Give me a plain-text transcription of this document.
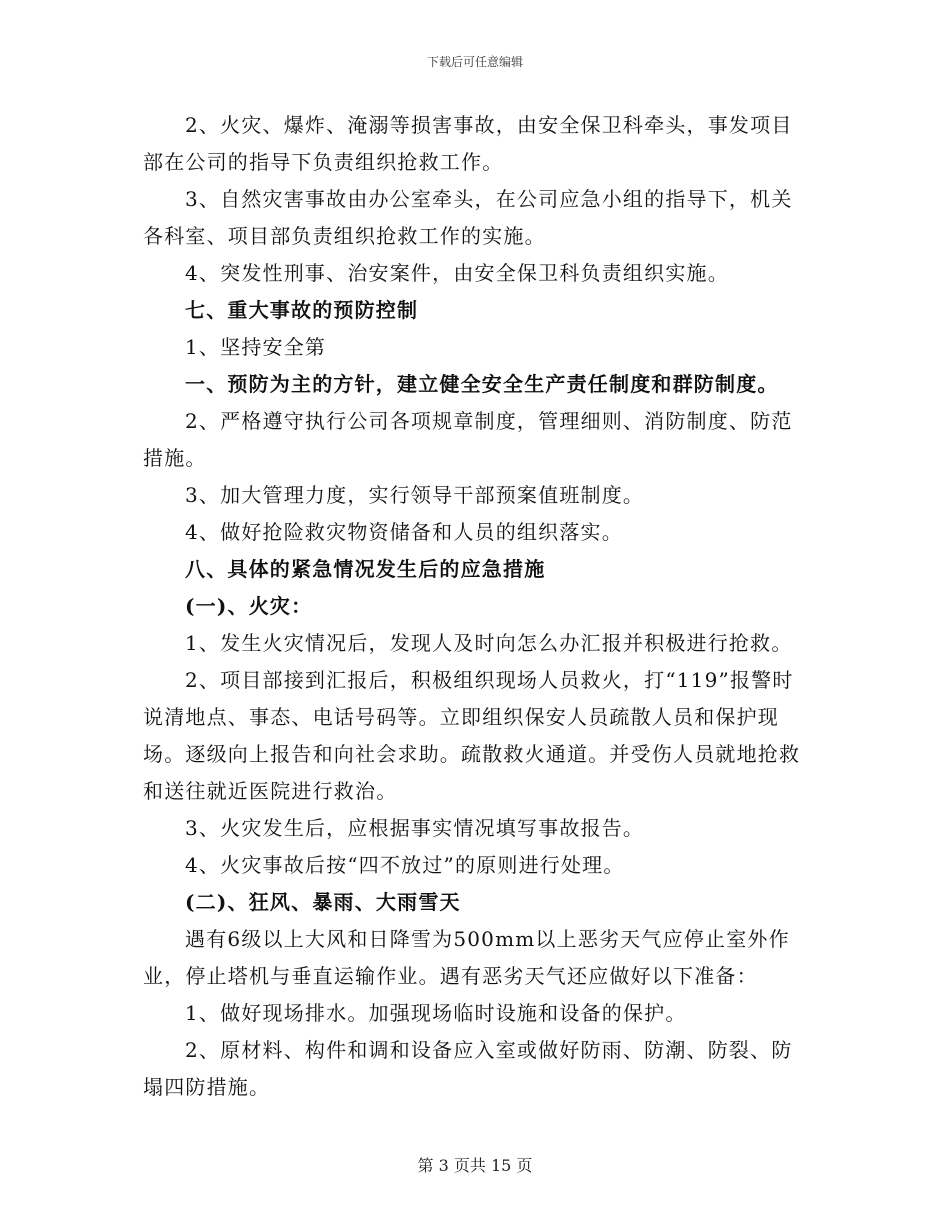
下载后可任意编辑

2、火灾、爆炸、淹溺等损害事故，由安全保卫科牵头，事发项目部在公司的指导下负责组织抢救工作。

3、自然灾害事故由办公室牵头，在公司应急小组的指导下，机关各科室、项目部负责组织抢救工作的实施。

4、突发性刑事、治安案件，由安全保卫科负责组织实施。

七、重大事故的预防控制

1、坚持安全第

一、预防为主的方针，建立健全安全生产责任制度和群防制度。

2、严格遵守执行公司各项规章制度，管理细则、消防制度、防范措施。

3、加大管理力度，实行领导干部预案值班制度。

4、做好抢险救灾物资储备和人员的组织落实。

八、具体的紧急情况发生后的应急措施

(一)、火灾：

1、发生火灾情况后，发现人及时向怎么办汇报并积极进行抢救。

2、项目部接到汇报后，积极组织现场人员救火，打“119”报警时说清地点、事态、电话号码等。立即组织保安人员疏散人员和保护现场。逐级向上报告和向社会求助。疏散救火通道。并受伤人员就地抢救和送往就近医院进行救治。

3、火灾发生后，应根据事实情况填写事故报告。

4、火灾事故后按“四不放过”的原则进行处理。

(二)、狂风、暴雨、大雨雪天

遇有6级以上大风和日降雪为500mm以上恶劣天气应停止室外作业，停止塔机与垂直运输作业。遇有恶劣天气还应做好以下准备：

1、做好现场排水。加强现场临时设施和设备的保护。

2、原材料、构件和调和设备应入室或做好防雨、防潮、防裂、防塌四防措施。

第 3 页共 15 页
